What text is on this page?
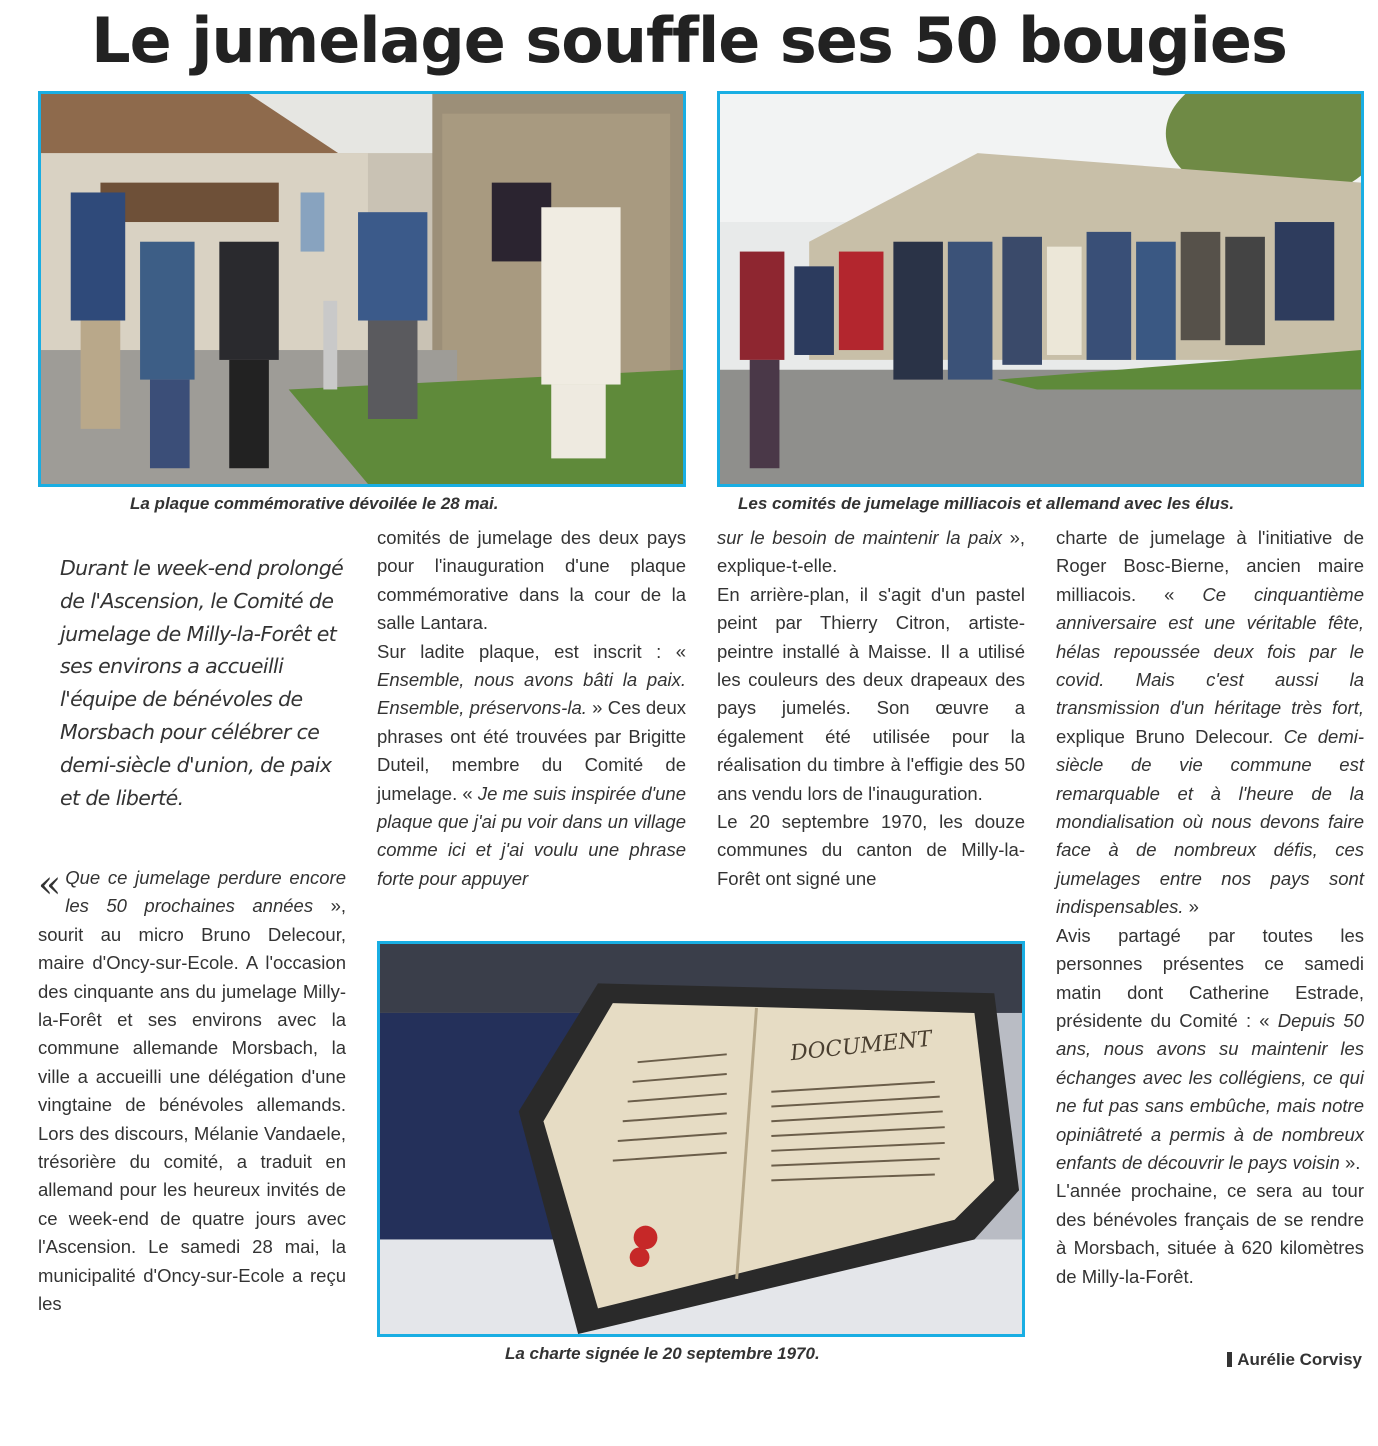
Le jumelage souffle ses 50 bougies
La plaque commémorative dévoilée le 28 mai.	Les comités de jumelage milliacois et allemand avec les élus.
Durant le week-end prolongé de l'Ascension, le Comité de jumelage de Milly-la-Forêt et ses environs a accueilli l'équipe de bénévoles de Morsbach pour célébrer ce demi-siècle d'union, de paix et de liberté.

« Que ce jumelage perdure encore les 50 prochaines années », sourit au micro Bruno Delecour, maire d'Oncy-sur-Ecole. A l'occasion des cinquante ans du jumelage Milly-la-Forêt et ses environs avec la commune allemande Morsbach, la ville a accueilli une délégation d'une vingtaine de bénévoles allemands. Lors des discours, Mélanie Vandaele, trésorière du comité, a traduit en allemand pour les heureux invités de ce week-end de quatre jours avec l'Ascension. Le samedi 28 mai, la municipalité d'Oncy-sur-Ecole a reçu les

comités de jumelage des deux pays pour l'inauguration d'une plaque commémorative dans la cour de la salle Lantara.

Sur ladite plaque, est inscrit : « Ensemble, nous avons bâti la paix. Ensemble, préservons-la. » Ces deux phrases ont été trouvées par Brigitte Duteil, membre du Comité de jumelage. « Je me suis inspirée d'une plaque que j'ai pu voir dans un village comme ici et j'ai voulu une phrase forte pour appuyer

sur le besoin de maintenir la paix », explique-t-elle.

En arrière-plan, il s'agit d'un pastel peint par Thierry Citron, artiste-peintre installé à Maisse. Il a utilisé les couleurs des deux drapeaux des pays jumelés. Son œuvre a également été utilisée pour la réalisation du timbre à l'effigie des 50 ans vendu lors de l'inauguration.

Le 20 septembre 1970, les douze communes du canton de Milly-la-Forêt ont signé une

DOCUMENT
La charte signée le 20 septembre 1970.

charte de jumelage à l'initiative de Roger Bosc-Bierne, ancien maire milliacois. « Ce cinquantième anniversaire est une véritable fête, hélas repoussée deux fois par le covid. Mais c'est aussi la transmission d'un héritage très fort, explique Bruno Delecour. Ce demi-siècle de vie commune est remarquable et à l'heure de la mondialisation où nous devons faire face à de nombreux défis, ces jumelages entre nos pays sont indispensables. »

Avis partagé par toutes les personnes présentes ce samedi matin dont Catherine Estrade, présidente du Comité : « Depuis 50 ans, nous avons su maintenir les échanges avec les collégiens, ce qui ne fut pas sans embûche, mais notre opiniâtreté a permis à de nombreux enfants de découvrir le pays voisin ».

L'année prochaine, ce sera au tour des bénévoles français de se rendre à Morsbach, située à 620 kilomètres de Milly-la-Forêt.

Aurélie Corvisy
